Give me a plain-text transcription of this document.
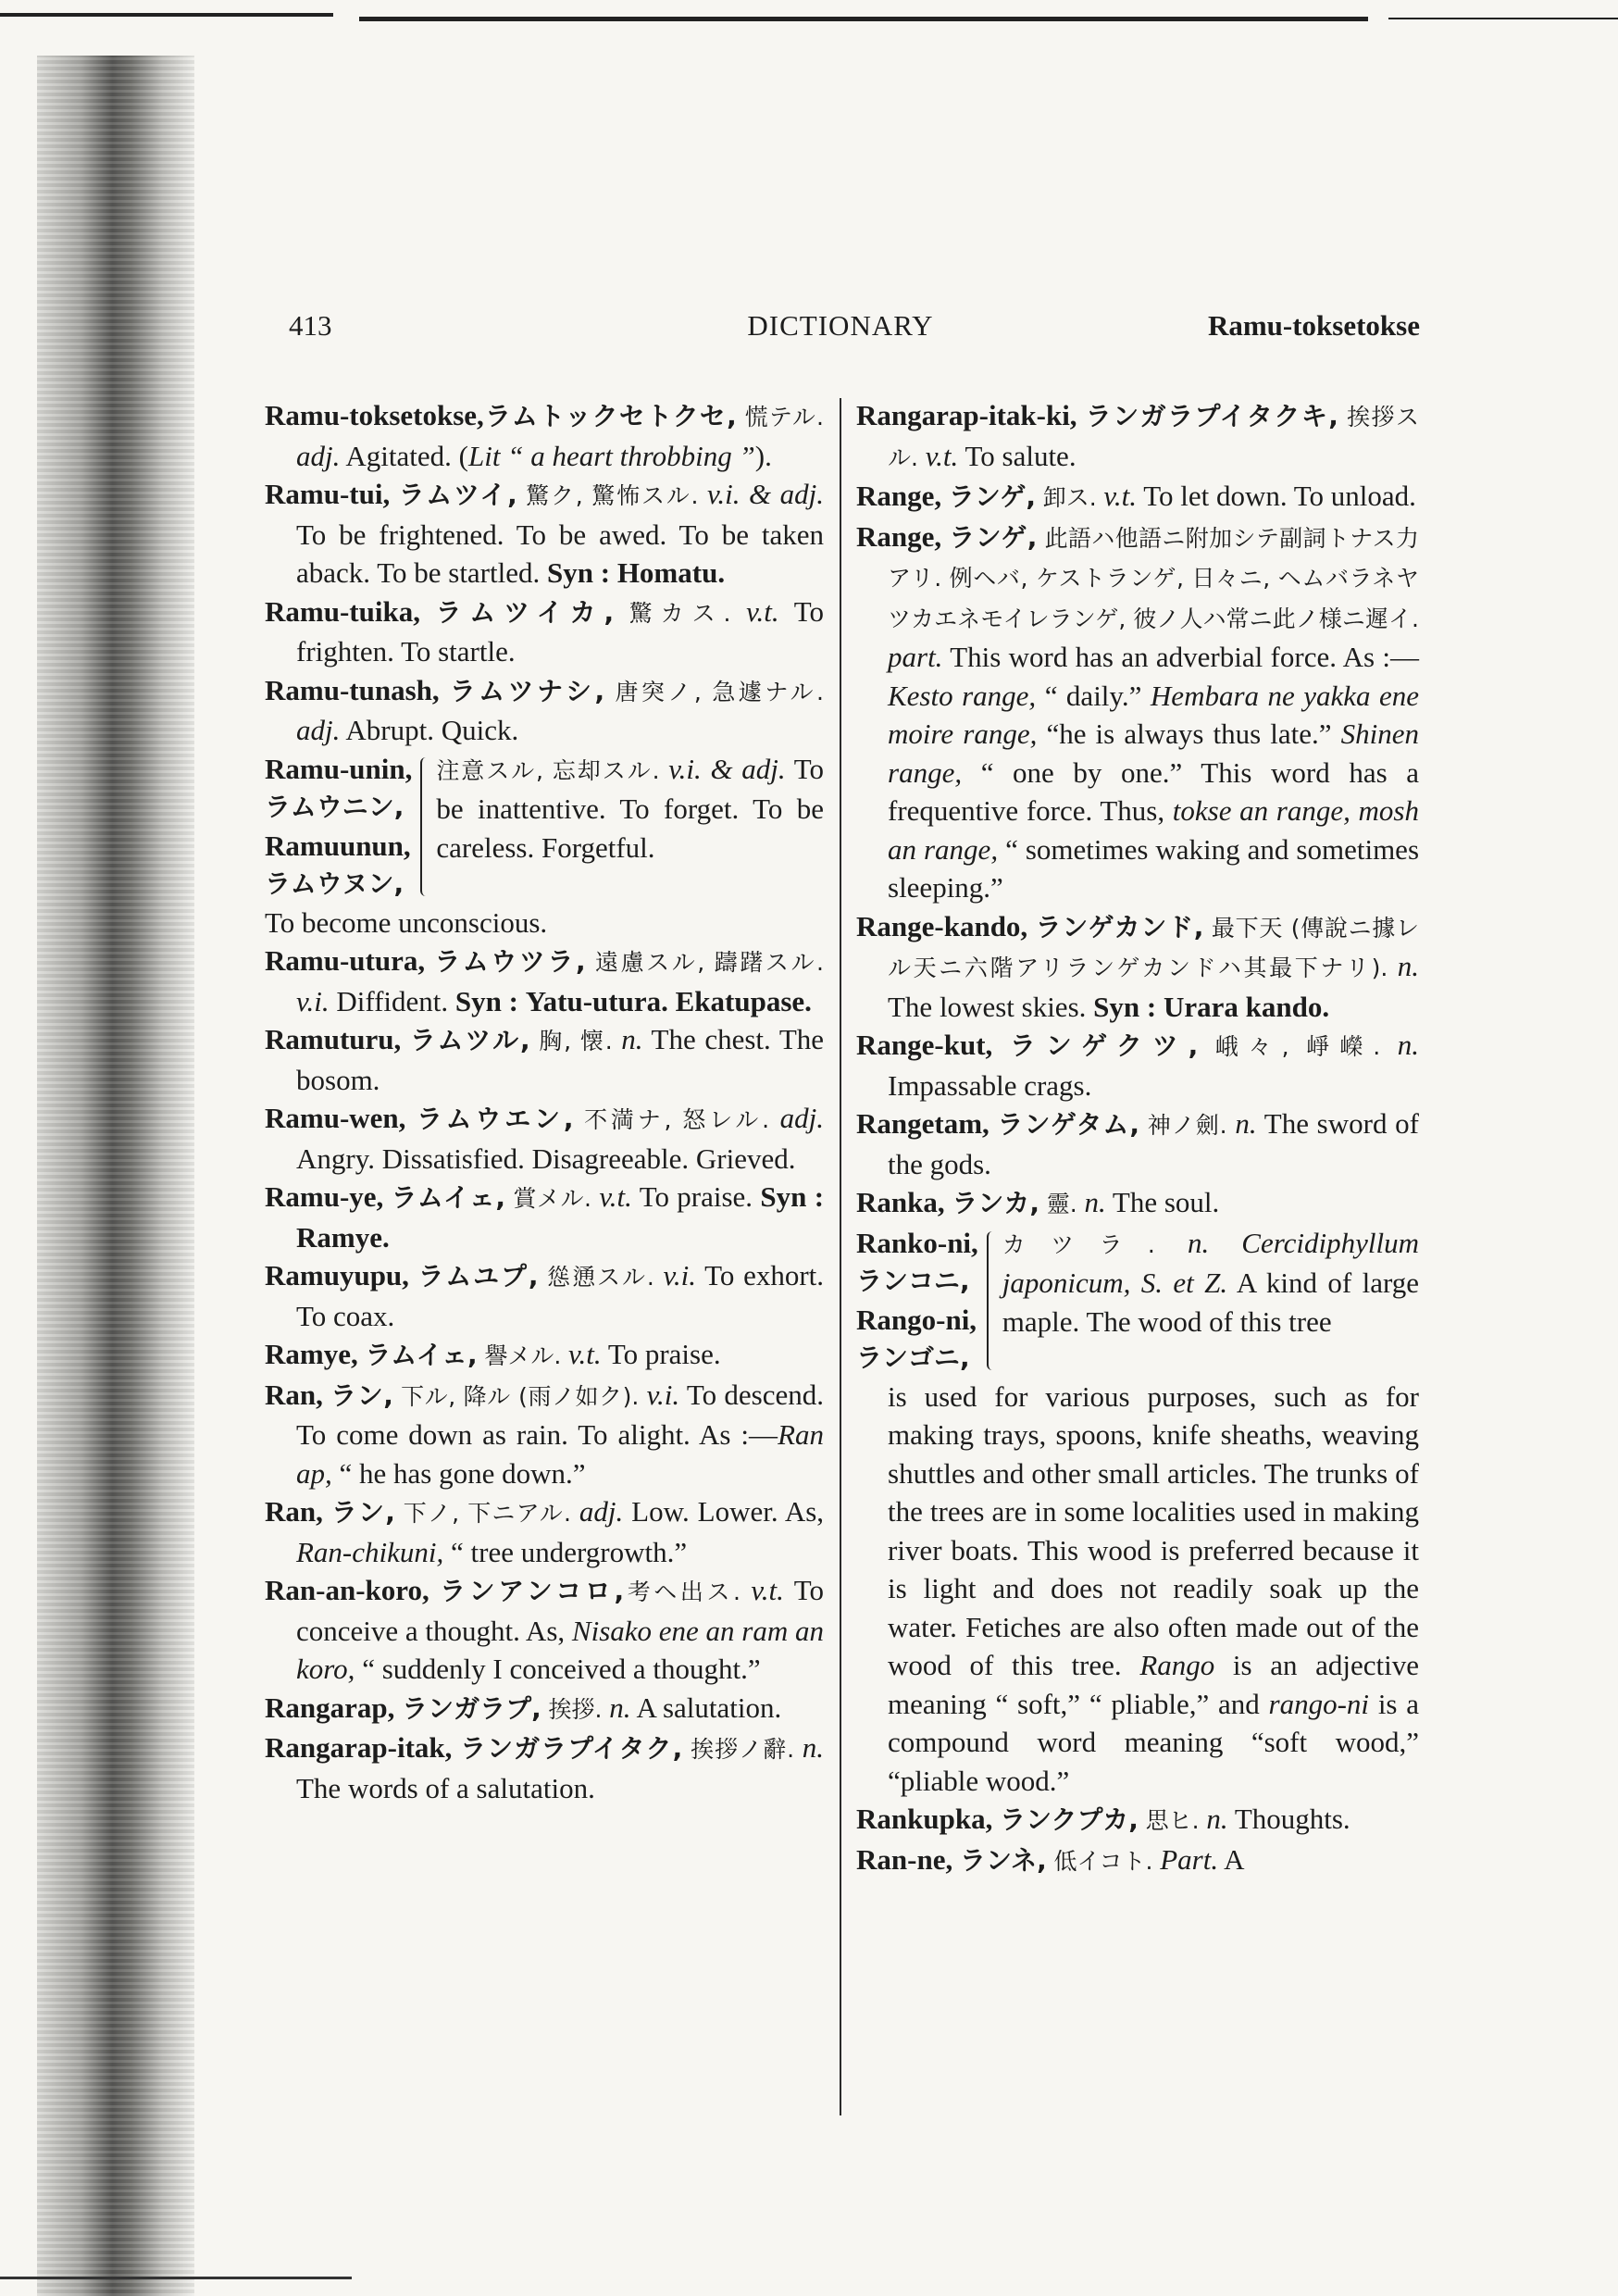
413	DICTIONARY	Ramu-toksetokse

Ramu-toksetokse,ラムトックセトクセ, 慌テル. adj. Agitated. (Lit “ a heart throbbing ”).

Ramu-tui, ラムツイ, 驚ク, 驚怖スル. v.i. & adj. To be frightened. To be awed. To be taken aback. To be startled. Syn : Homatu.

Ramu-tuika, ラムツイカ, 驚カス. v.t. To frighten. To startle.

Ramu-tunash, ラムツナシ, 唐突ノ, 急遽ナル. adj. Abrupt. Quick.

Ramu-unin,
ラムウニン,
Ramuunun,
ラムウヌン,
注意スル, 忘却スル. v.i. & adj. To be inattentive. To forget. To be careless. Forgetful.
To become unconscious.

Ramu-utura, ラムウツラ, 遠慮スル, 躊躇スル. v.i. Diffident. Syn : Yatu-utura. Ekatupase.

Ramuturu, ラムツル, 胸, 懐. n. The chest. The bosom.

Ramu-wen, ラムウエン, 不満ナ, 怒レル. adj. Angry. Dissatisfied. Disagreeable. Grieved.

Ramu-ye, ラムイェ, 賞メル. v.t. To praise. Syn : Ramye.

Ramuyupu, ラムユプ, 慫慂スル. v.i. To exhort. To coax.

Ramye, ラムイェ, 譽メル. v.t. To praise.

Ran, ラン, 下ル, 降ル (雨ノ如ク). v.i. To descend. To come down as rain. To alight. As :—Ran ap, “ he has gone down.”

Ran, ラン, 下ノ, 下ニアル. adj. Low. Lower. As, Ran-chikuni, “ tree undergrowth.”

Ran-an-koro, ランアンコロ,考ヘ出ス. v.t. To conceive a thought. As, Nisako ene an ram an koro, “ suddenly I conceived a thought.”

Rangarap, ランガラプ, 挨拶. n. A salutation.

Rangarap-itak, ランガラプイタク, 挨拶ノ辭. n. The words of a salutation.

Rangarap-itak-ki, ランガラプイタクキ, 挨拶スル. v.t. To salute.

Range, ランゲ, 卸ス. v.t. To let down. To unload.

Range, ランゲ, 此語ハ他語ニ附加シテ副詞トナス力アリ. 例ヘバ, ケストランゲ, 日々ニ, ヘムバラネヤツカエネモイレランゲ, 彼ノ人ハ常ニ此ノ様ニ遲イ. part. This word has an adverbial force. As :—Kesto range, “ daily.” Hembara ne yakka ene moire range, “he is always thus late.” Shinen range, “ one by one.” This word has a frequentive force. Thus, tokse an range, mosh an range, “ sometimes waking and sometimes sleeping.”

Range-kando, ランゲカンド, 最下天 (傳說ニ據レル天ニ六階アリランゲカンドハ其最下ナリ). n. The lowest skies. Syn : Urara kando.

Range-kut, ランゲクツ, 峨々, 崢嶸. n. Impassable crags.

Rangetam, ランゲタム, 神ノ劍. n. The sword of the gods.

Ranka, ランカ, 靈. n. The soul.

Ranko-ni,
ランコニ,
Rango-ni,
ランゴニ,
カツラ. n. Cercidiphyllum japonicum, S. et Z. A kind of large maple. The wood of this tree
is used for various purposes, such as for making trays, spoons, knife sheaths, weaving shuttles and other small articles. The trunks of the trees are in some localities used in making river boats. This wood is preferred because it is light and does not readily soak up the water. Fetiches are also often made out of the wood of this tree. Rango is an adjective meaning “ soft,” “ pliable,” and rango-ni is a compound word meaning “soft wood,” “pliable wood.”

Rankupka, ランクプカ, 思ヒ. n. Thoughts.

Ran-ne, ランネ, 低イコト. Part. A
